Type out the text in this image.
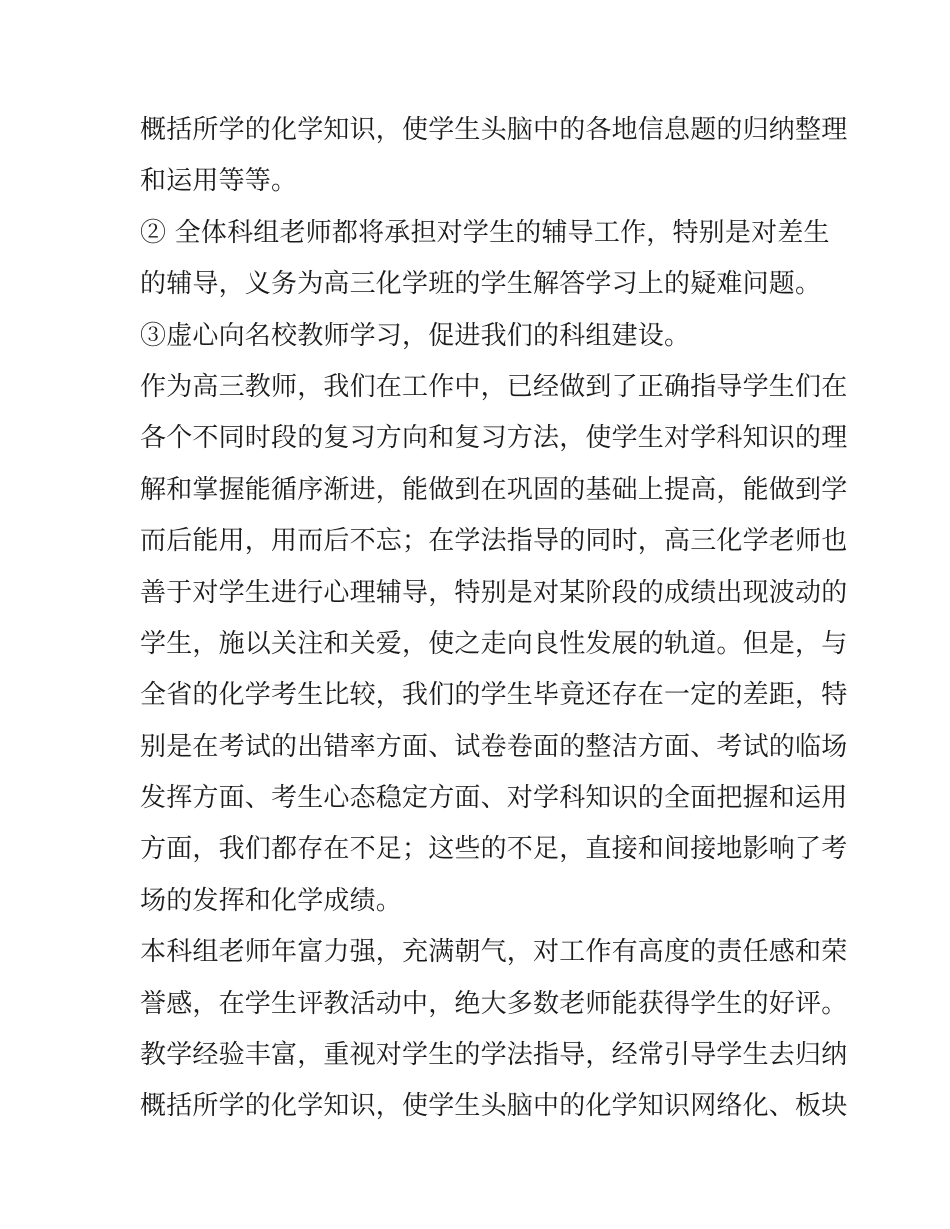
概括所学的化学知识，使学生头脑中的各地信息题的归纳整理
和运用等等。
② 全体科组老师都将承担对学生的辅导工作，特别是对差生
的辅导，义务为高三化学班的学生解答学习上的疑难问题。
③虚心向名校教师学习，促进我们的科组建设。
作为高三教师，我们在工作中，已经做到了正确指导学生们在
各个不同时段的复习方向和复习方法，使学生对学科知识的理
解和掌握能循序渐进，能做到在巩固的基础上提高，能做到学
而后能用，用而后不忘；在学法指导的同时，高三化学老师也
善于对学生进行心理辅导，特别是对某阶段的成绩出现波动的
学生，施以关注和关爱，使之走向良性发展的轨道。但是，与
全省的化学考生比较，我们的学生毕竟还存在一定的差距，特
别是在考试的出错率方面、试卷卷面的整洁方面、考试的临场
发挥方面、考生心态稳定方面、对学科知识的全面把握和运用
方面，我们都存在不足；这些的不足，直接和间接地影响了考
场的发挥和化学成绩。
本科组老师年富力强，充满朝气，对工作有高度的责任感和荣
誉感，在学生评教活动中，绝大多数老师能获得学生的好评。
教学经验丰富，重视对学生的学法指导，经常引导学生去归纳
概括所学的化学知识，使学生头脑中的化学知识网络化、板块
